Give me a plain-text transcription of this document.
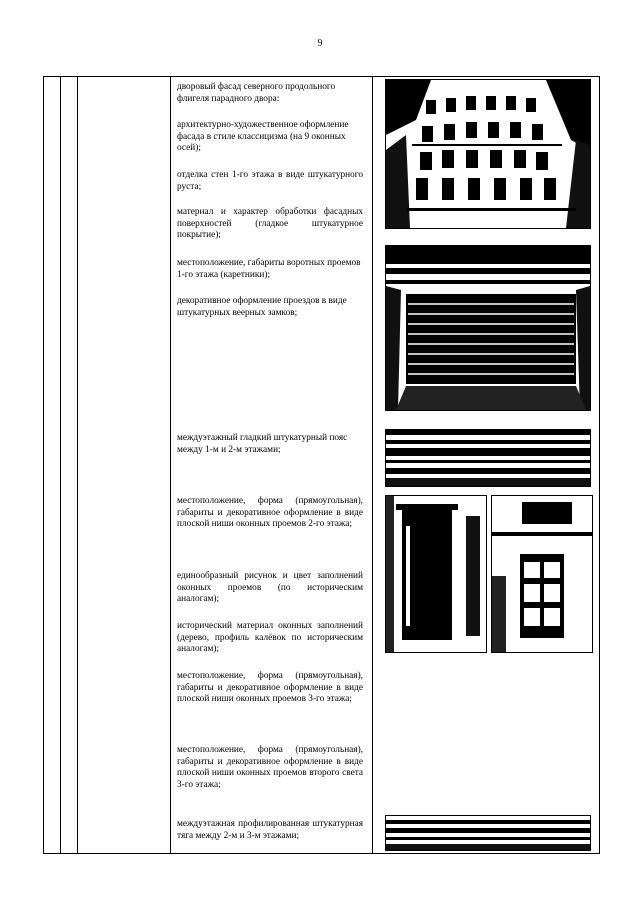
9

дворовый фасад северного продольного флигеля парадного двора:

архитектурно-художественное оформление фасада в стиле классицизма (на 9 оконных осей);

отделка стен 1-го этажа в виде штукатурного руста;

материал и характер обработки фасадных поверхностей (гладкое штукатурное покрытие);

местоположение, габариты воротных проемов 1-го этажа (каретники);

декоративное оформление проездов в виде штукатурных веерных замков;

междуэтажный гладкий штукатурный пояс между 1-м и 2-м этажами;

местоположение, форма (прямоугольная), габариты и декоративное оформление в виде плоской ниши оконных проемов 2-го этажа;

единообразный рисунок и цвет заполнений оконных проемов (по историческим аналогам);

исторический материал оконных заполнений (дерево, профиль калёвок по историческим аналогам);

местоположение, форма (прямоугольная), габариты и декоративное оформление в виде плоской ниши оконных проемов 3-го этажа;

местоположение, форма (прямоугольная), габариты и декоративное оформление в виде плоской ниши оконных проемов второго света 3-го этажа;

междуэтажная профилированная штукатурная тяга между 2-м и 3-м этажами;
